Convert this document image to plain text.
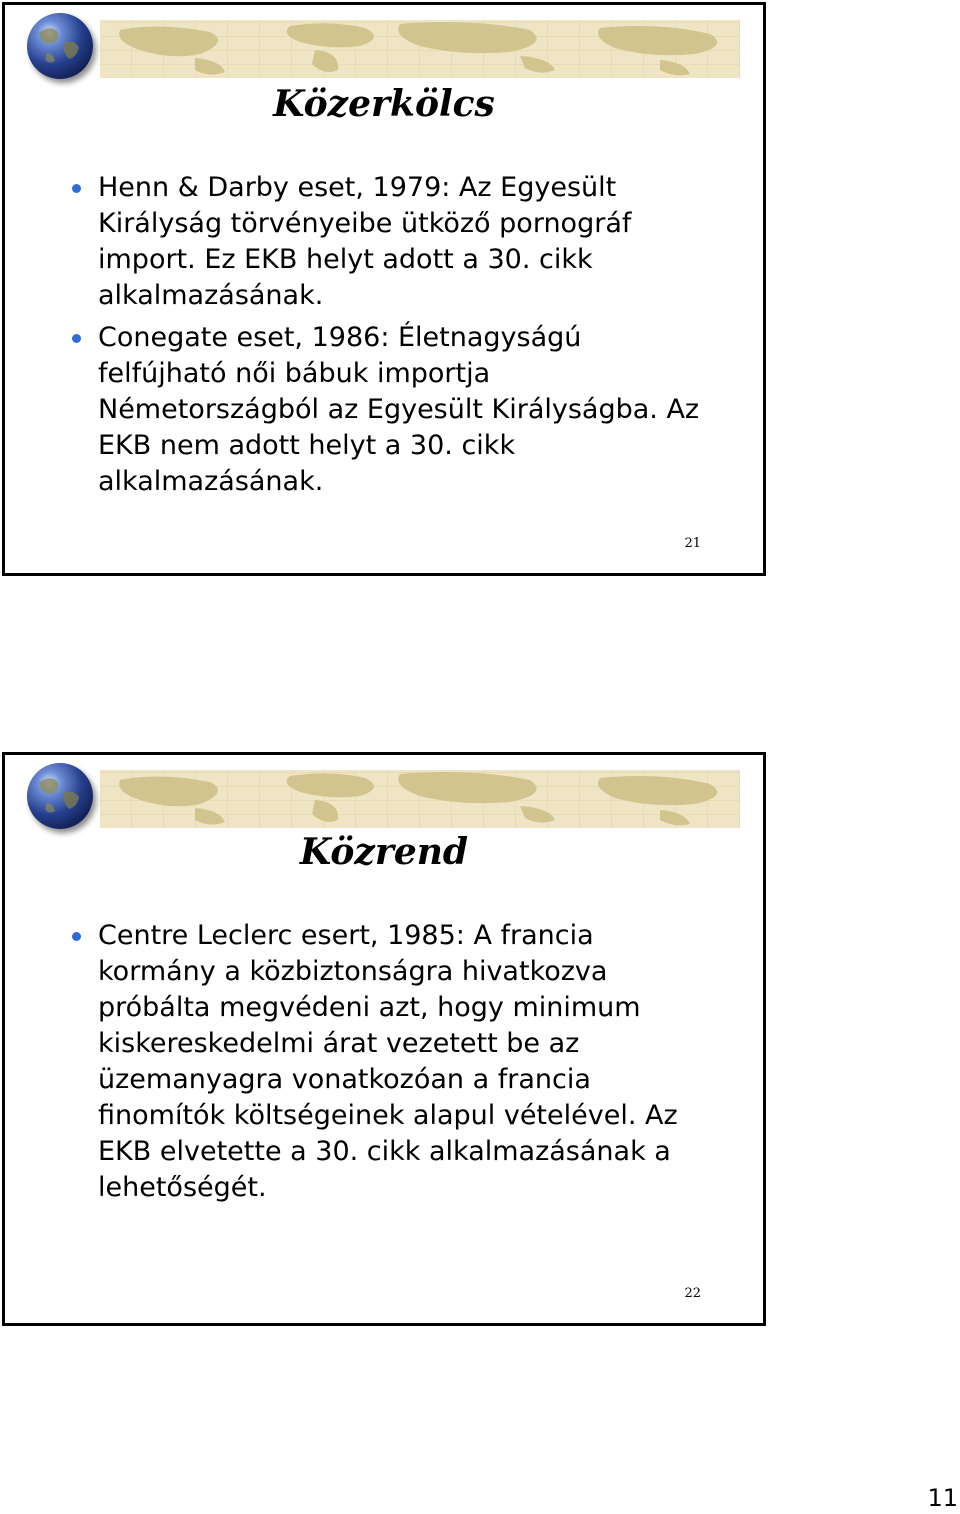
Közerkölcs
Henn & Darby eset, 1979: Az Egyesült Királyság törvényeibe ütköző pornográf import. Ez EKB helyt adott a 30. cikk alkalmazásának.
Conegate eset, 1986: Életnagyságú felfújható női bábuk importja Németországból az Egyesült Királyságba. Az EKB nem adott helyt a 30. cikk alkalmazásának.
21
Közrend
Centre Leclerc esert, 1985: A francia kormány a közbiztonságra hivatkozva próbálta megvédeni azt, hogy minimum kiskereskedelmi árat vezetett be az üzemanyagra vonatkozóan a francia finomítók költségeinek alapul vételével. Az EKB elvetette a 30. cikk alkalmazásának a lehetőségét.
22
11
